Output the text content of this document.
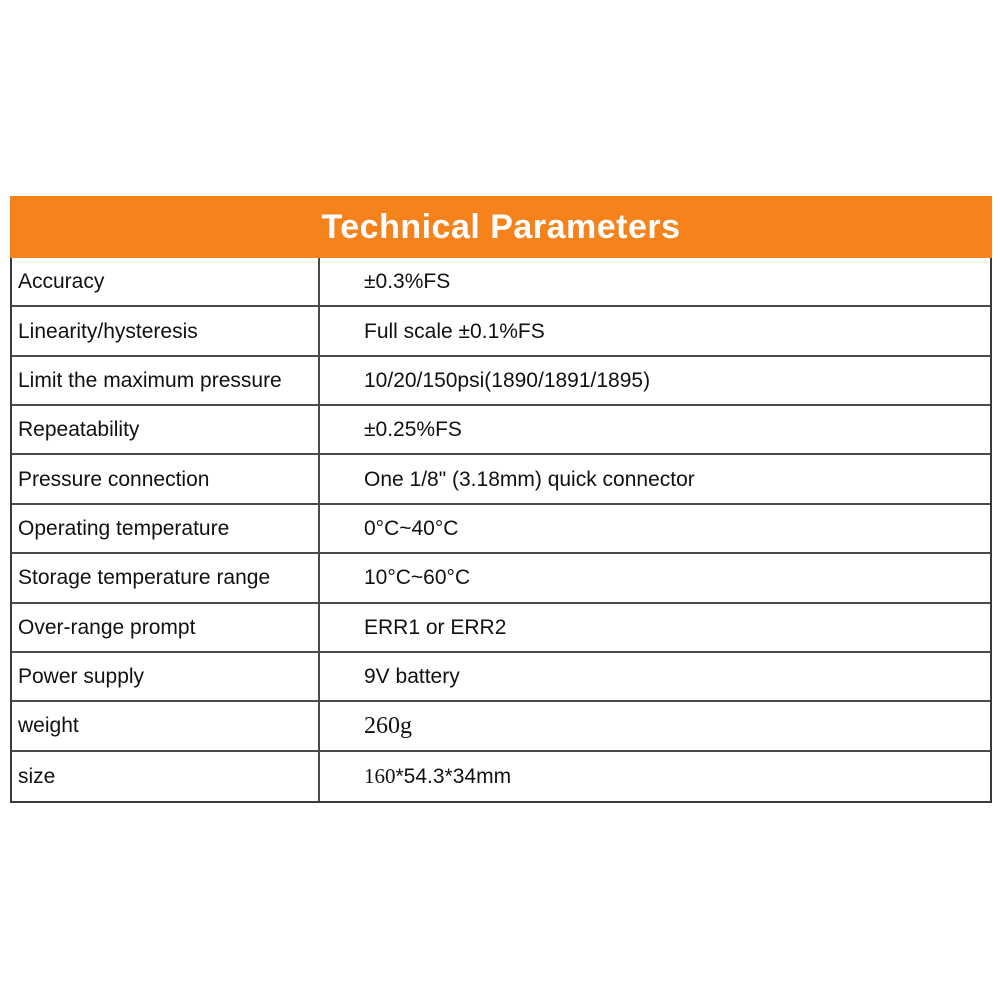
Technical Parameters
Accuracy	±0.3%FS
Linearity/hysteresis	Full scale ±0.1%FS
Limit the maximum pressure	10/20/150psi(1890/1891/1895)
Repeatability	±0.25%FS
Pressure connection	One 1/8" (3.18mm) quick connector
Operating temperature	0°C~40°C
Storage temperature range	10°C~60°C
Over-range prompt	ERR1 or ERR2
Power supply	9V battery
weight	260g
size	160 *54.3*34mm
